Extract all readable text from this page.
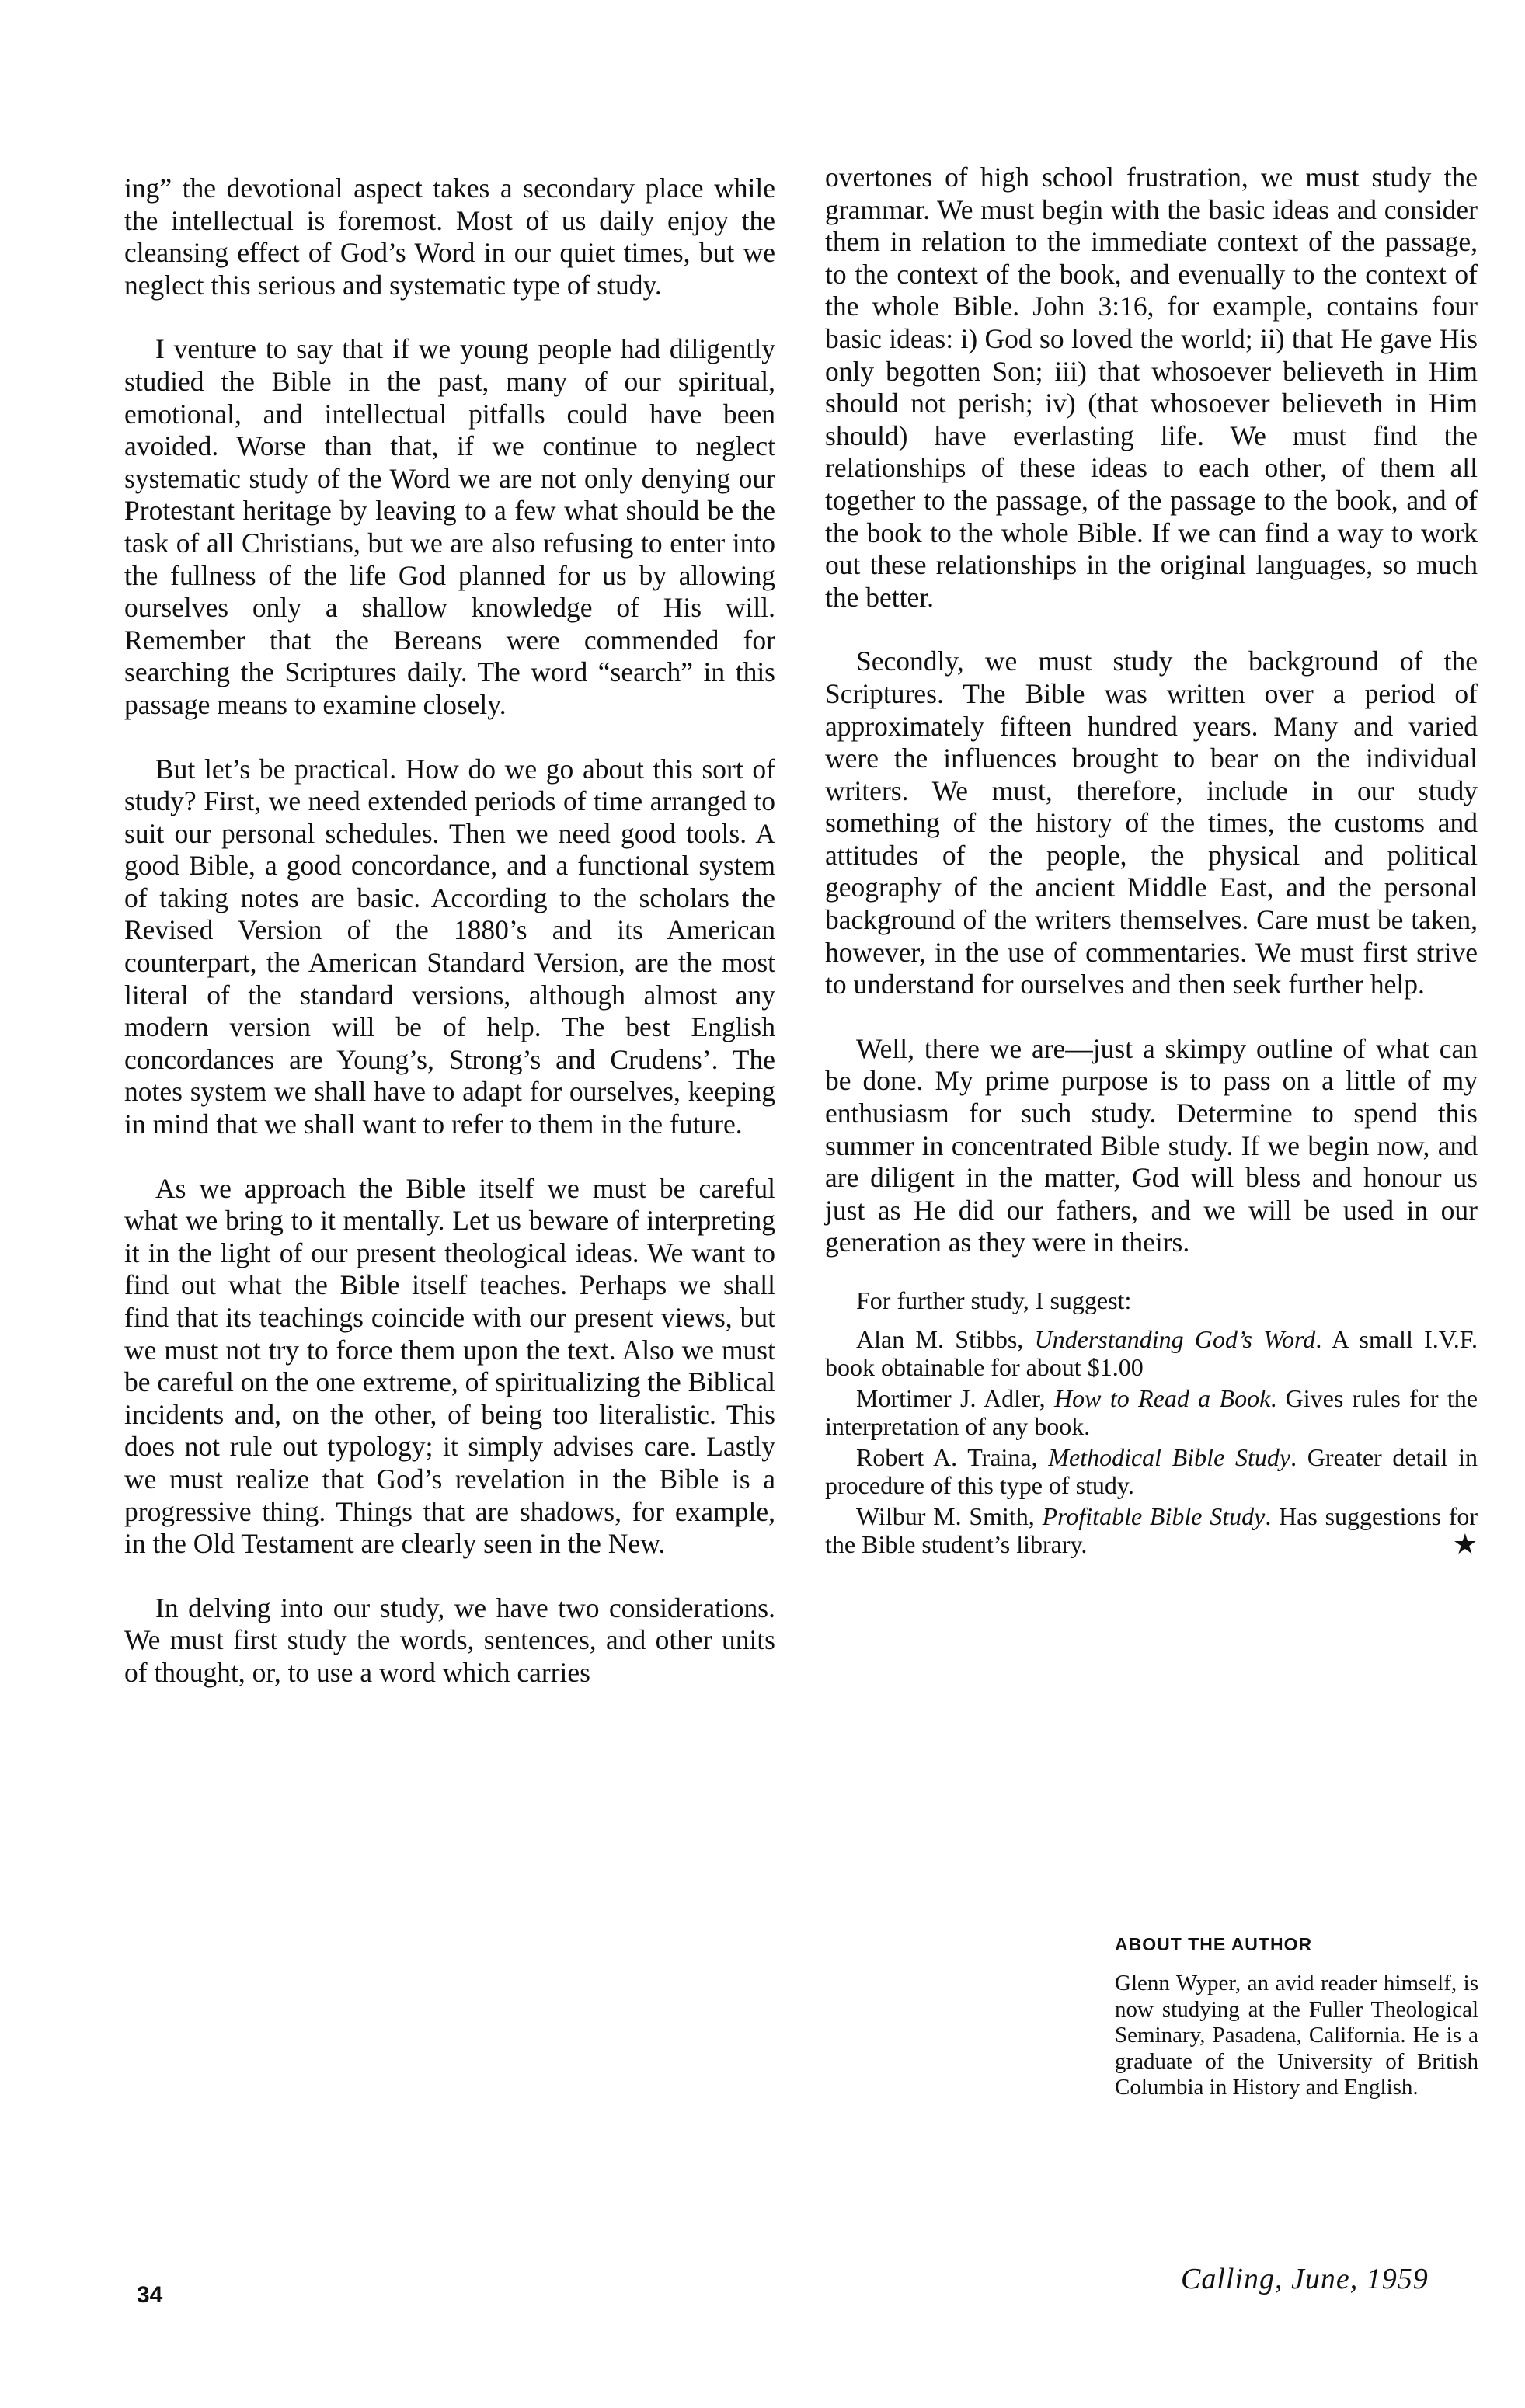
ing” the devotional aspect takes a secondary place while the intellectual is foremost. Most of us daily enjoy the cleansing effect of God’s Word in our quiet times, but we neglect this serious and systematic type of study.

I venture to say that if we young people had diligently studied the Bible in the past, many of our spiritual, emotional, and intellectual pitfalls could have been avoided. Worse than that, if we continue to neglect systematic study of the Word we are not only denying our Protestant heritage by leaving to a few what should be the task of all Christians, but we are also refusing to enter into the fullness of the life God planned for us by allowing ourselves only a shallow knowledge of His will. Remember that the Bereans were commended for searching the Scriptures daily. The word “search” in this passage means to examine closely.

But let’s be practical. How do we go about this sort of study? First, we need extended periods of time arranged to suit our personal schedules. Then we need good tools. A good Bible, a good concordance, and a functional system of taking notes are basic. According to the scholars the Revised Version of the 1880’s and its American counterpart, the American Standard Version, are the most literal of the standard versions, although almost any modern version will be of help. The best English concordances are Young’s, Strong’s and Crudens’. The notes system we shall have to adapt for ourselves, keeping in mind that we shall want to refer to them in the future.

As we approach the Bible itself we must be careful what we bring to it mentally. Let us beware of interpreting it in the light of our present theological ideas. We want to find out what the Bible itself teaches. Perhaps we shall find that its teachings coincide with our present views, but we must not try to force them upon the text. Also we must be careful on the one extreme, of spiritualizing the Biblical incidents and, on the other, of being too literalistic. This does not rule out typology; it simply advises care. Lastly we must realize that God’s revelation in the Bible is a progressive thing. Things that are shadows, for example, in the Old Testament are clearly seen in the New.

In delving into our study, we have two considerations. We must first study the words, sentences, and other units of thought, or, to use a word which carries

overtones of high school frustration, we must study the grammar. We must begin with the basic ideas and consider them in relation to the immediate context of the passage, to the context of the book, and evenually to the context of the whole Bible. John 3:16, for example, contains four basic ideas: i) God so loved the world; ii) that He gave His only begotten Son; iii) that whosoever believeth in Him should not perish; iv) (that whosoever believeth in Him should) have everlasting life. We must find the relationships of these ideas to each other, of them all together to the passage, of the passage to the book, and of the book to the whole Bible. If we can find a way to work out these relationships in the original languages, so much the better.

Secondly, we must study the background of the Scriptures. The Bible was written over a period of approximately fifteen hundred years. Many and varied were the influences brought to bear on the individual writers. We must, therefore, include in our study something of the history of the times, the customs and attitudes of the people, the physical and political geography of the ancient Middle East, and the personal background of the writers themselves. Care must be taken, however, in the use of commentaries. We must first strive to understand for ourselves and then seek further help.

Well, there we are—just a skimpy outline of what can be done. My prime purpose is to pass on a little of my enthusiasm for such study. Determine to spend this summer in concentrated Bible study. If we begin now, and are diligent in the matter, God will bless and honour us just as He did our fathers, and we will be used in our generation as they were in theirs.

For further study, I suggest:

Alan M. Stibbs, Understanding God’s Word. A small I.V.F. book obtainable for about $1.00

Mortimer J. Adler, How to Read a Book. Gives rules for the interpretation of any book.

Robert A. Traina, Methodical Bible Study. Greater detail in procedure of this type of study.

Wilbur M. Smith, Profitable Bible Study. Has suggestions for the Bible student’s library.	★

ABOUT THE AUTHOR

Glenn Wyper, an avid reader himself, is now studying at the Fuller Theological Seminary, Pasadena, California. He is a graduate of the University of British Columbia in History and English.

34	Calling, June, 1959
